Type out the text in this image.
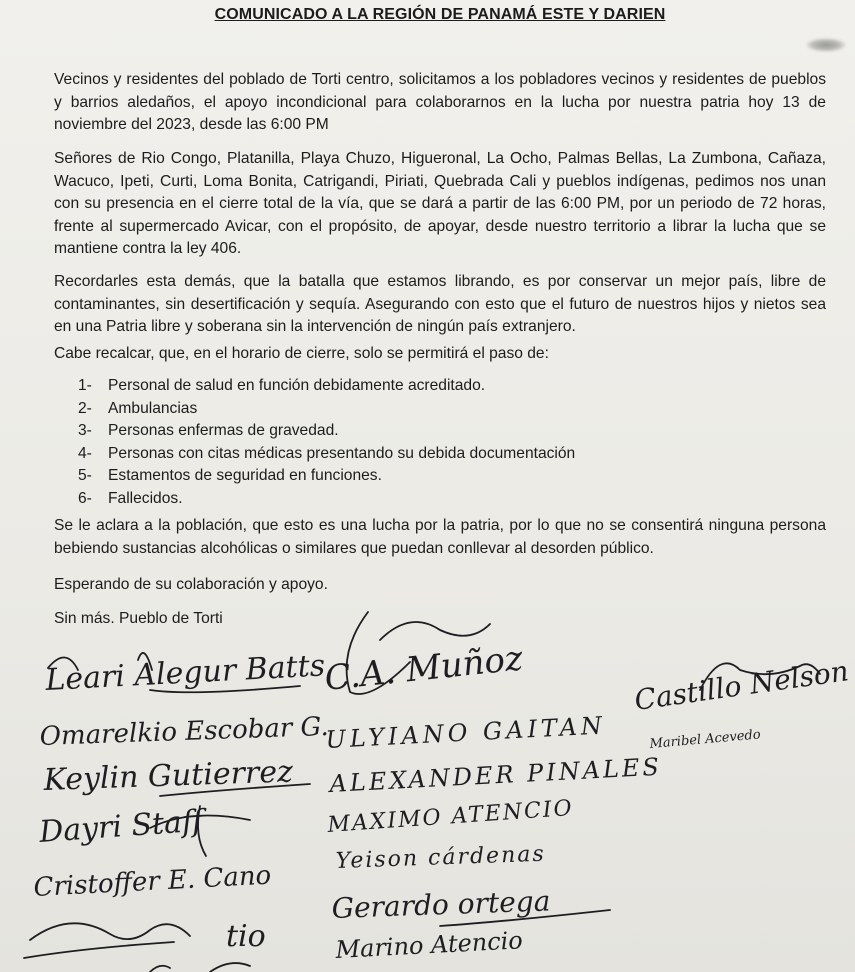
COMUNICADO A LA REGIÓN DE PANAMÁ ESTE Y DARIEN

Vecinos y residentes del poblado de Torti centro, solicitamos a los pobladores vecinos y residentes de pueblos y barrios aledaños, el apoyo incondicional para colaborarnos en la lucha por nuestra patria hoy 13 de noviembre del 2023, desde las 6:00 PM

Señores de Rio Congo, Platanilla, Playa Chuzo, Higueronal, La Ocho, Palmas Bellas, La Zumbona, Cañaza, Wacuco, Ipeti, Curti, Loma Bonita, Catrigandi, Piriati, Quebrada Cali y pueblos indígenas, pedimos nos unan con su presencia en el cierre total de la vía, que se dará a partir de las 6:00 PM, por un periodo de 72 horas, frente al supermercado Avicar, con el propósito, de apoyar, desde nuestro territorio a librar la lucha que se mantiene contra la ley 406.

Recordarles esta demás, que la batalla que estamos librando, es por conservar un mejor país, libre de contaminantes, sin desertificación y sequía. Asegurando con esto que el futuro de nuestros hijos y nietos sea en una Patria libre y soberana sin la intervención de ningún país extranjero.

Cabe recalcar, que, en el horario de cierre, solo se permitirá el paso de:

1- Personal de salud en función debidamente acreditado.
2- Ambulancias
3- Personas enfermas de gravedad.
4- Personas con citas médicas presentando su debida documentación
5- Estamentos de seguridad en funciones.
6- Fallecidos.

Se le aclara a la población, que esto es una lucha por la patria, por lo que no se consentirá ninguna persona bebiendo sustancias alcohólicas o similares que puedan conllevar al desorden público.

Esperando de su colaboración y apoyo.

Sin más. Pueblo de Torti

Leari Alegur Batts
C.A. Muñoz	Castillo Nelson
Maribel Acevedo
Omarelkio Escobar G.
ULYIANO GAITAN
Keylin Gutierrez ALEXANDER PINALES
Dayri Staff	MAXIMO ATENCIO
Yeison cárdenas
Cristoffer E. Cano
Gerardo ortega
tio	Marino Atencio
